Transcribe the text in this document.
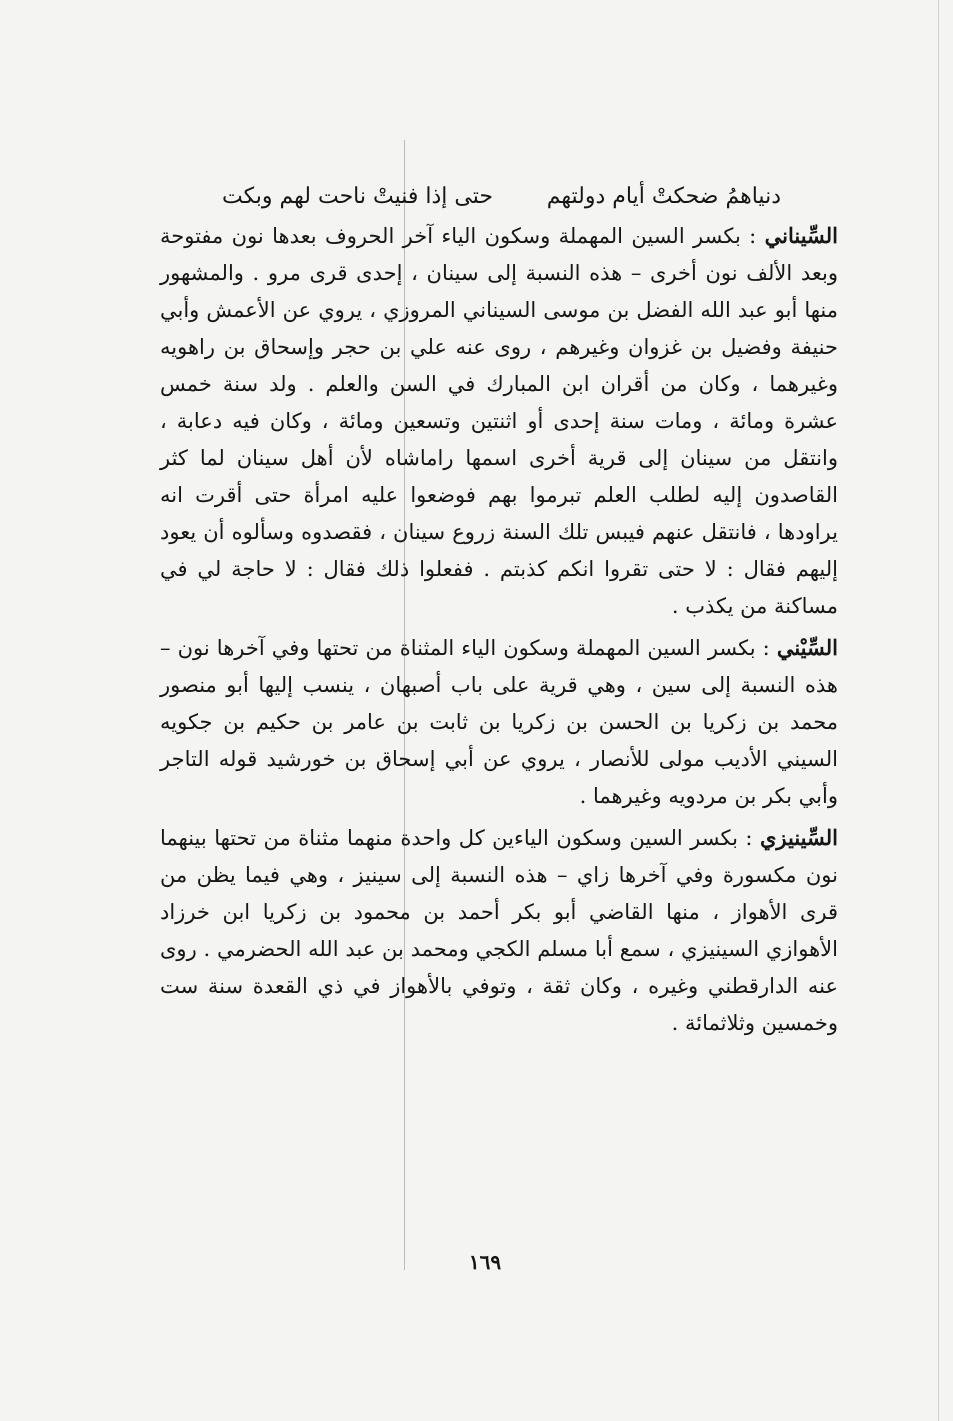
دنياهمُ ضحكتْ أيام دولتهم
حتى إذا فنيتْ ناحت لهم وبكت

السِّيناني : بكسر السين المهملة وسكون الياء آخر الحروف بعدها نون مفتوحة وبعد الألف نون أخرى – هذه النسبة إلى سينان ، إحدى قرى مرو . والمشهور منها أبو عبد الله الفضل بن موسى السيناني المروزي ، يروي عن الأعمش وأبي حنيفة وفضيل بن غزوان وغيرهم ، روى عنه علي بن حجر وإسحاق بن راهويه وغيرهما ، وكان من أقران ابن المبارك في السن والعلم . ولد سنة خمس عشرة ومائة ، ومات سنة إحدى أو اثنتين وتسعين ومائة ، وكان فيه دعابة ، وانتقل من سينان إلى قرية أخرى اسمها راماشاه لأن أهل سينان لما كثر القاصدون إليه لطلب العلم تبرموا بهم فوضعوا عليه امرأة حتى أقرت انه يراودها ، فانتقل عنهم فيبس تلك السنة زروع سينان ، فقصدوه وسألوه أن يعود إليهم فقال : لا حتى تقروا انكم كذبتم . ففعلوا ذلك فقال : لا حاجة لي في مساكنة من يكذب .

السِّيْني : بكسر السين المهملة وسكون الياء المثناة من تحتها وفي آخرها نون – هذه النسبة إلى سين ، وهي قرية على باب أصبهان ، ينسب إليها أبو منصور محمد بن زكريا بن الحسن بن زكريا بن ثابت بن عامر بن حكيم بن جكويه السيني الأديب مولى للأنصار ، يروي عن أبي إسحاق بن خورشيد قوله التاجر وأبي بكر بن مردويه وغيرهما .

السِّينيزي : بكسر السين وسكون الياءين كل واحدة منهما مثناة من تحتها بينهما نون مكسورة وفي آخرها زاي – هذه النسبة إلى سينيز ، وهي فيما يظن من قرى الأهواز ، منها القاضي أبو بكر أحمد بن محمود بن زكريا ابن خرزاد الأهوازي السينيزي ، سمع أبا مسلم الكجي ومحمد بن عبد الله الحضرمي . روى عنه الدارقطني وغيره ، وكان ثقة ، وتوفي بالأهواز في ذي القعدة سنة ست وخمسين وثلاثمائة .

١٦٩
